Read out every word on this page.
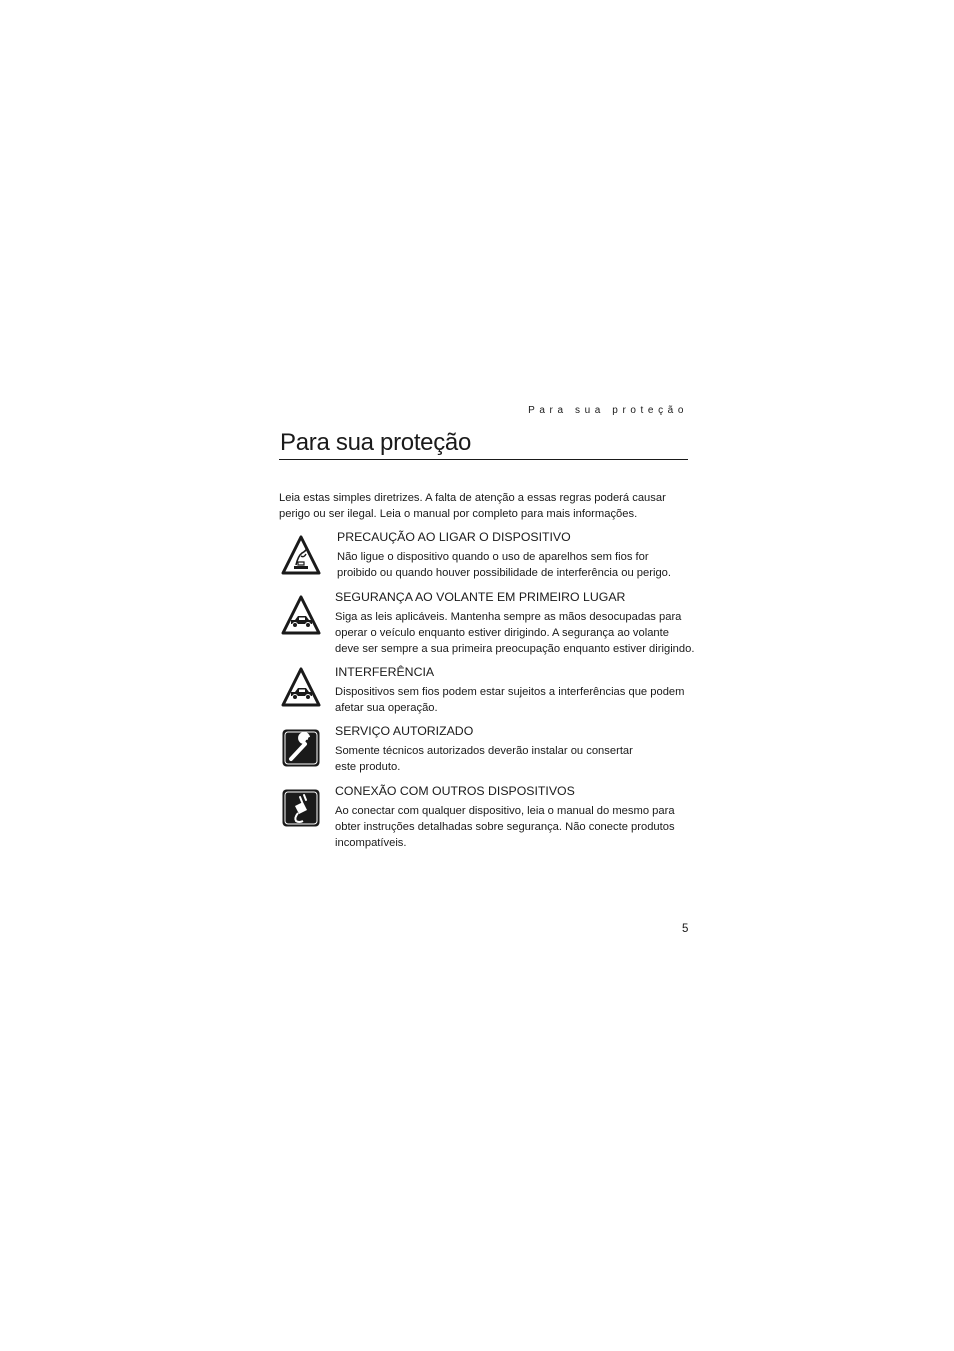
Para sua proteção
Para sua proteção
Leia estas simples diretrizes. A falta de atenção a essas regras poderá causar perigo ou ser ilegal. Leia o manual por completo para mais informações.
PRECAUÇÃO AO LIGAR O DISPOSITIVO
Não ligue o dispositivo quando o uso de aparelhos sem fios for
proibido ou quando houver possibilidade de interferência ou perigo.
SEGURANÇA AO VOLANTE EM PRIMEIRO LUGAR
Siga as leis aplicáveis. Mantenha sempre as mãos desocupadas para
operar o veículo enquanto estiver dirigindo. A segurança ao volante
deve ser sempre a sua primeira preocupação enquanto estiver dirigindo.
INTERFERÊNCIA
Dispositivos sem fios podem estar sujeitos a interferências que podem
afetar sua operação.
SERVIÇO AUTORIZADO
Somente técnicos autorizados deverão instalar ou consertar
este produto.
CONEXÃO COM OUTROS DISPOSITIVOS
Ao conectar com qualquer dispositivo, leia o manual do mesmo para
obter instruções detalhadas sobre segurança. Não conecte produtos
incompatíveis.
5
